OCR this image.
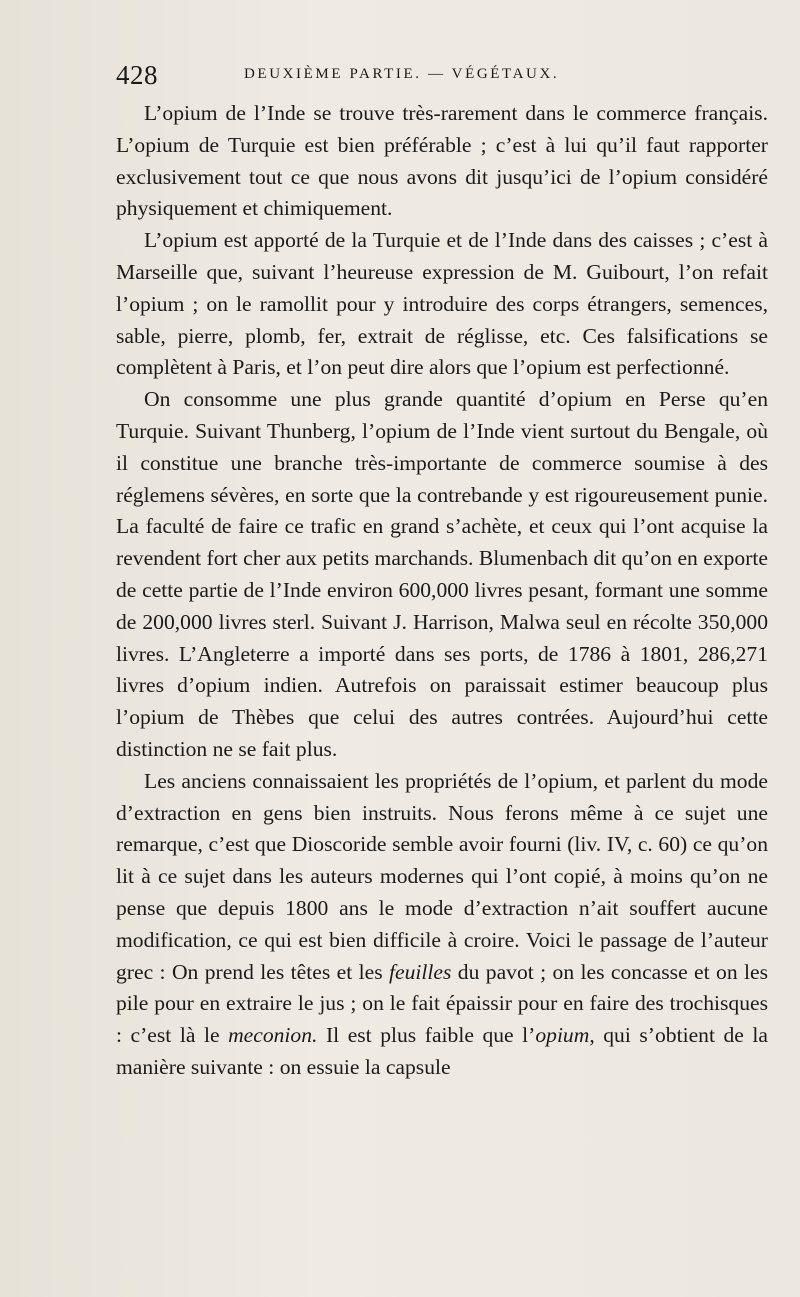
428	DEUXIÈME PARTIE. — VÉGÉTAUX.

L’opium de l’Inde se trouve très-rarement dans le commerce français. L’opium de Turquie est bien préférable ; c’est à lui qu’il faut rapporter exclusivement tout ce que nous avons dit jusqu’ici de l’opium considéré physiquement et chimiquement.

L’opium est apporté de la Turquie et de l’Inde dans des caisses ; c’est à Marseille que, suivant l’heureuse expression de M. Guibourt, l’on refait l’opium ; on le ramollit pour y introduire des corps étrangers, semences, sable, pierre, plomb, fer, extrait de réglisse, etc. Ces falsifications se complètent à Paris, et l’on peut dire alors que l’opium est perfectionné.

On consomme une plus grande quantité d’opium en Perse qu’en Turquie. Suivant Thunberg, l’opium de l’Inde vient surtout du Bengale, où il constitue une branche très-importante de commerce soumise à des réglemens sévères, en sorte que la contrebande y est rigoureusement punie. La faculté de faire ce trafic en grand s’achète, et ceux qui l’ont acquise la revendent fort cher aux petits marchands. Blumenbach dit qu’on en exporte de cette partie de l’Inde environ 600,000 livres pesant, formant une somme de 200,000 livres sterl. Suivant J. Harrison, Malwa seul en récolte 350,000 livres. L’Angleterre a importé dans ses ports, de 1786 à 1801, 286,271 livres d’opium indien. Autrefois on paraissait estimer beaucoup plus l’opium de Thèbes que celui des autres contrées. Aujourd’hui cette distinction ne se fait plus.

Les anciens connaissaient les propriétés de l’opium, et parlent du mode d’extraction en gens bien instruits. Nous ferons même à ce sujet une remarque, c’est que Dioscoride semble avoir fourni (liv. IV, c. 60) ce qu’on lit à ce sujet dans les auteurs modernes qui l’ont copié, à moins qu’on ne pense que depuis 1800 ans le mode d’extraction n’ait souffert aucune modification, ce qui est bien difficile à croire. Voici le passage de l’auteur grec : On prend les têtes et les feuilles du pavot ; on les concasse et on les pile pour en extraire le jus ; on le fait épaissir pour en faire des trochisques : c’est là le meconion. Il est plus faible que l’opium, qui s’obtient de la manière suivante : on essuie la capsule
